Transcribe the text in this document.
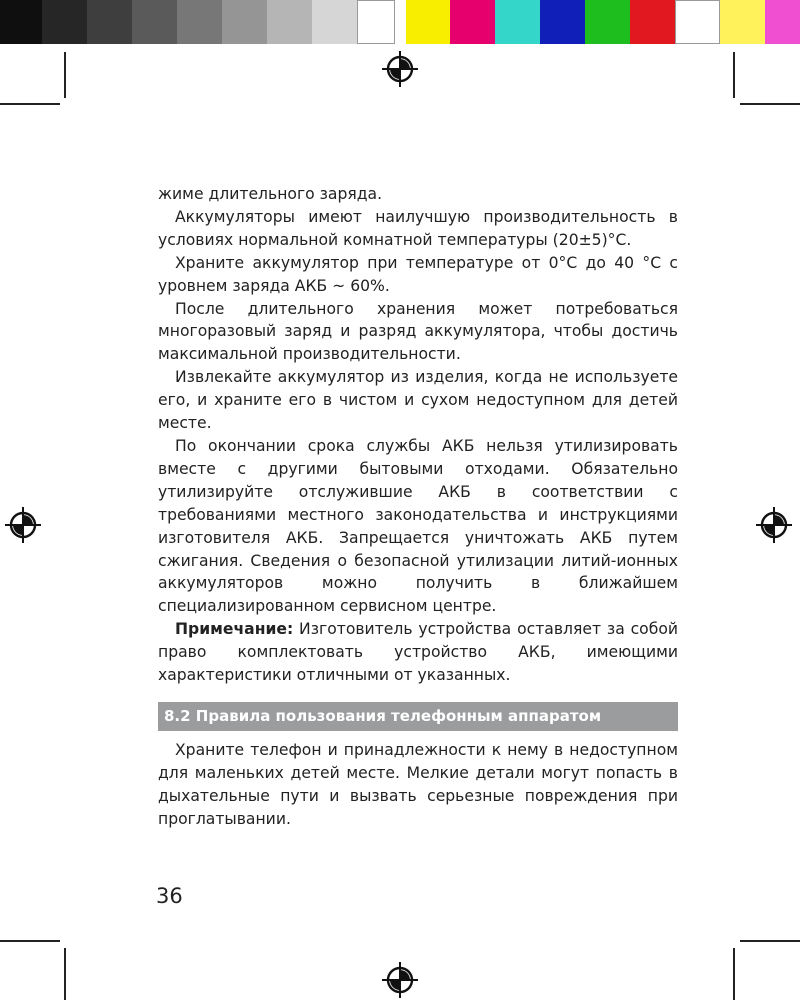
жиме длительного заряда.

Аккумуляторы имеют наилучшую производительность в условиях нормальной комнатной температуры (20±5)°С.

Храните аккумулятор при температуре от 0°С до 40 °С с уровнем заряда АКБ ~ 60%.

После длительного хранения может потребоваться многоразовый заряд и разряд аккумулятора, чтобы достичь максимальной производительности.

Извлекайте аккумулятор из изделия, когда не используете его, и храните его в чистом и сухом недоступном для детей месте.

По окончании срока службы АКБ нельзя утилизировать вместе с другими бытовыми отходами. Обязательно утилизируйте отслужившие АКБ в соответствии с требованиями местного законодательства и инструкциями изготовителя АКБ. Запрещается уничтожать АКБ путем сжигания. Сведения о безопасной утилизации литий-ионных аккумуляторов можно получить в ближайшем специализированном сервисном центре.

Примечание: Изготовитель устройства оставляет за собой право комплектовать устройство АКБ, имеющими характеристики отличными от указанных.

8.2 Правила пользования телефонным аппаратом

Храните телефон и принадлежности к нему в недоступном для маленьких детей месте. Мелкие детали могут попасть в дыхательные пути и вызвать серьезные повреждения при проглатывании.

36
